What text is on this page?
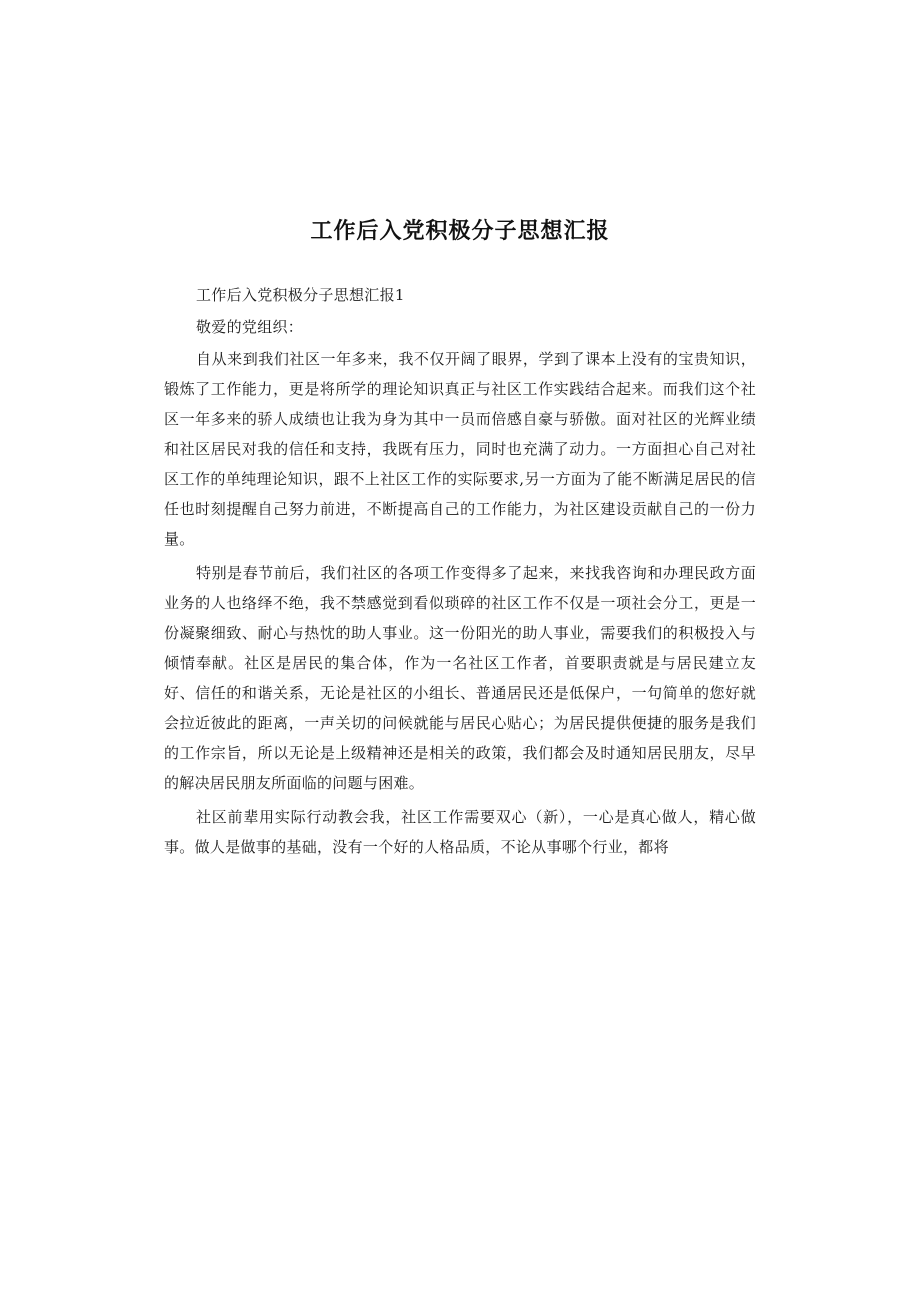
工作后入党积极分子思想汇报

工作后入党积极分子思想汇报1

敬爱的党组织：

自从来到我们社区一年多来，我不仅开阔了眼界，学到了课本上没有的宝贵知识，锻炼了工作能力，更是将所学的理论知识真正与社区工作实践结合起来。而我们这个社区一年多来的骄人成绩也让我为身为其中一员而倍感自豪与骄傲。面对社区的光辉业绩和社区居民对我的信任和支持，我既有压力，同时也充满了动力。一方面担心自己对社区工作的单纯理论知识，跟不上社区工作的实际要求,另一方面为了能不断满足居民的信任也时刻提醒自己努力前进，不断提高自己的工作能力，为社区建设贡献自己的一份力量。

特别是春节前后，我们社区的各项工作变得多了起来，来找我咨询和办理民政方面业务的人也络绎不绝，我不禁感觉到看似琐碎的社区工作不仅是一项社会分工，更是一份凝聚细致、耐心与热忱的助人事业。这一份阳光的助人事业，需要我们的积极投入与倾情奉献。社区是居民的集合体，作为一名社区工作者，首要职责就是与居民建立友好、信任的和谐关系，无论是社区的小组长、普通居民还是低保户，一句简单的您好就会拉近彼此的距离，一声关切的问候就能与居民心贴心；为居民提供便捷的服务是我们的工作宗旨，所以无论是上级精神还是相关的政策，我们都会及时通知居民朋友，尽早的解决居民朋友所面临的问题与困难。

社区前辈用实际行动教会我，社区工作需要双心（新），一心是真心做人，精心做事。做人是做事的基础，没有一个好的人格品质，不论从事哪个行业，都将
